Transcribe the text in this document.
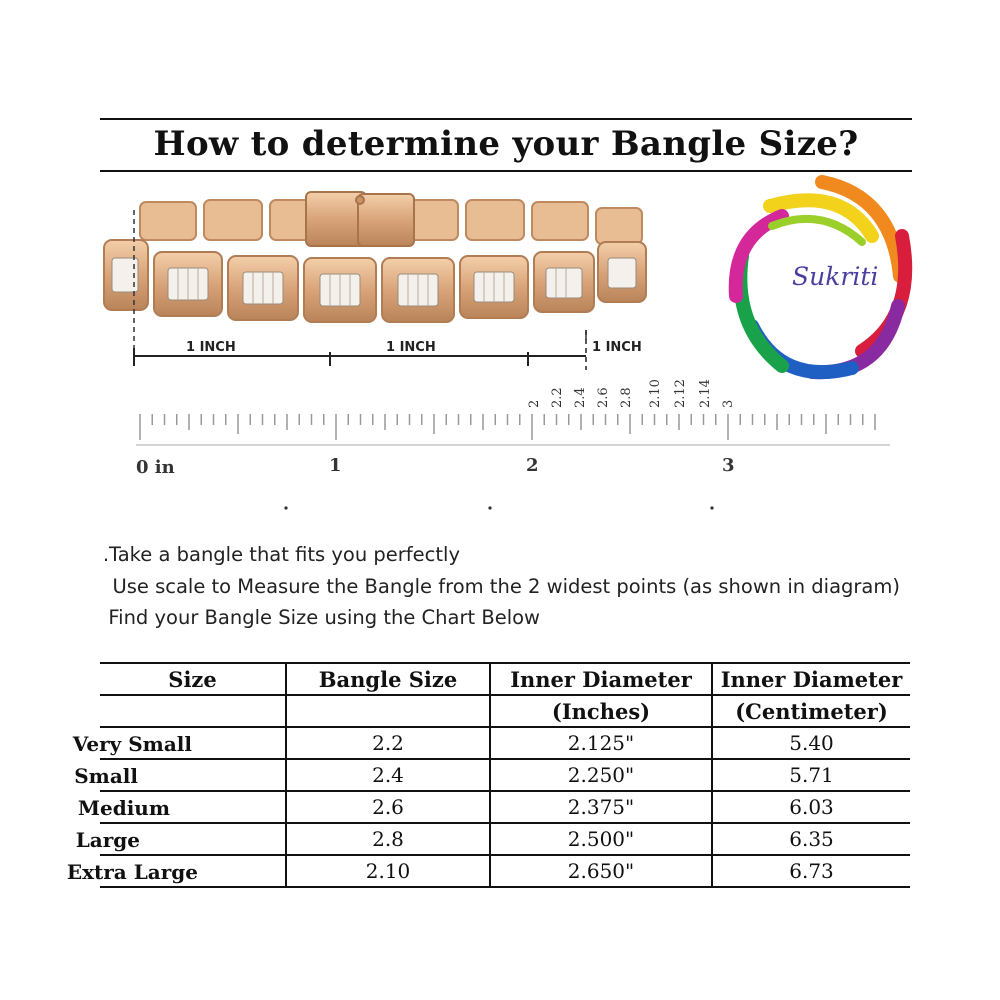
How to determine your Bangle Size?
Sukriti
1 INCH	1 INCH	1 INCH
2 2.2 2.4 2.6 2.8 2.10 2.12 2.14 3
0 in	1	2	3
Take a bangle that fits you perfectly.
Use scale to Measure the Bangle from the 2 widest points (as shown in diagram)
Find your Bangle Size using the Chart Below
Size	Bangle Size	Inner Diameter	Inner Diameter
		(Inches)	(Centimeter)
Very Small	2.2	2.125"	5.40
Small	2.4	2.250"	5.71
Medium	2.6	2.375"	6.03
Large	2.8	2.500"	6.35
Extra Large	2.10	2.650"	6.73
